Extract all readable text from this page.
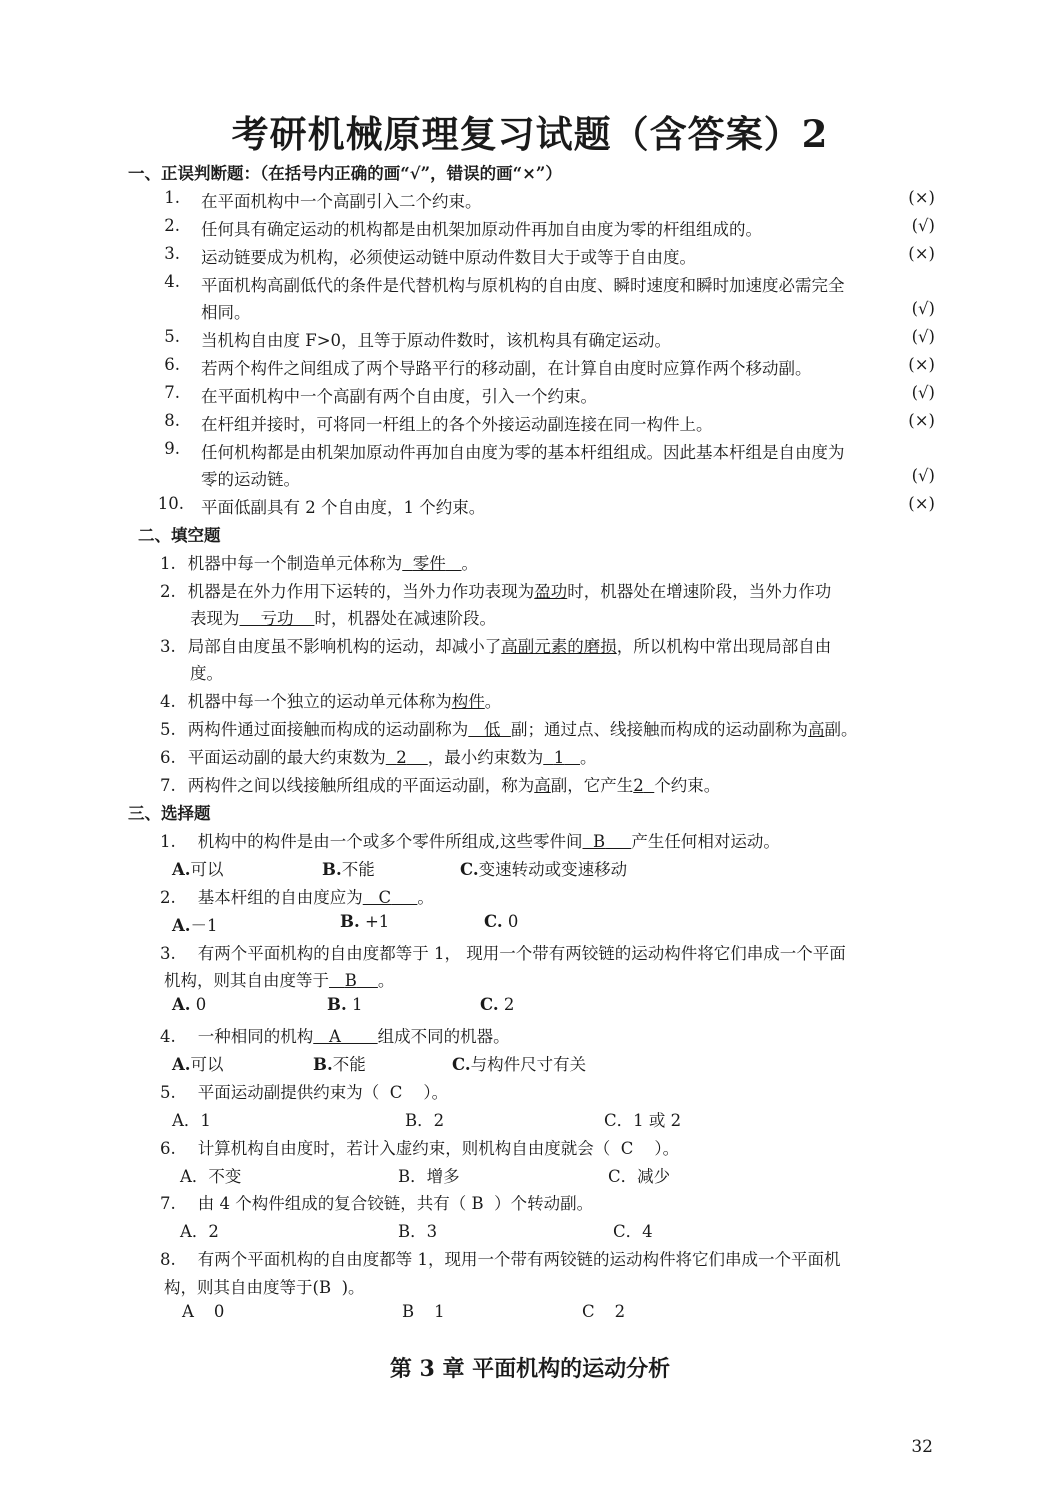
考研机械原理复习试题（含答案）2
一、正误判断题：（在括号内正确的画“√”，错误的画“×”）
1. 在平面机构中一个高副引入二个约束。	(×)
2. 任何具有确定运动的机构都是由机架加原动件再加自由度为零的杆组组成的。	(√)
3. 运动链要成为机构，必须使运动链中原动件数目大于或等于自由度。	(×)
4. 平面机构高副低代的条件是代替机构与原机构的自由度、瞬时速度和瞬时加速度必需完全
相同。	(√)
5. 当机构自由度 F>0，且等于原动件数时，该机构具有确定运动。	(√)
6. 若两个构件之间组成了两个导路平行的移动副，在计算自由度时应算作两个移动副。	(×)
7. 在平面机构中一个高副有两个自由度，引入一个约束。	(√)
8. 在杆组并接时，可将同一杆组上的各个外接运动副连接在同一构件上。	(×)
9. 任何机构都是由机架加原动件再加自由度为零的基本杆组组成。因此基本杆组是自由度为
零的运动链。	(√)
10. 平面低副具有 2 个自由度，1 个约束。	(×)
二、填空题
1. 机器中每一个制造单元体称为 零件 。
2. 机器是在外力作用下运转的，当外力作功表现为盈功时，机器处在增速阶段，当外力作功
表现为 亏功 时，机器处在减速阶段。
3. 局部自由度虽不影响机构的运动，却减小了高副元素的磨损，所以机构中常出现局部自由
度。
4. 机器中每一个独立的运动单元体称为构件。
5. 两构件通过面接触而构成的运动副称为 低 副；通过点、线接触而构成的运动副称为高副。
6. 平面运动副的最大约束数为 2 ，最小约束数为 1 。
7. 两构件之间以线接触所组成的平面运动副，称为高副，它产生2 个约束。
三、选择题
1. 机构中的构件是由一个或多个零件所组成,这些零件间 B 产生任何相对运动。
A.可以	B.不能	C.变速转动或变速移动
2. 基本杆组的自由度应为 C 。
A.－1	B. +1	C. 0
3. 有两个平面机构的自由度都等于 1， 现用一个带有两铰链的运动构件将它们串成一个平面
机构，则其自由度等于 B 。
A. 0	B. 1	C. 2
4. 一种相同的机构 A 组成不同的机器。
A.可以	B.不能	C.与构件尺寸有关
5. 平面运动副提供约束为（ C ）。
A．1	B．2	C．1 或 2
6. 计算机构自由度时，若计入虚约束，则机构自由度就会（ C ）。
A．不变	B．增多	C．减少
7. 由 4 个构件组成的复合铰链，共有（ B ）个转动副。
A．2	B．3	C．4
8. 有两个平面机构的自由度都等 1，现用一个带有两铰链的运动构件将它们串成一个平面机
构，则其自由度等于(B )。
A 0	B 1	C 2
第 3 章 平面机构的运动分析
32
